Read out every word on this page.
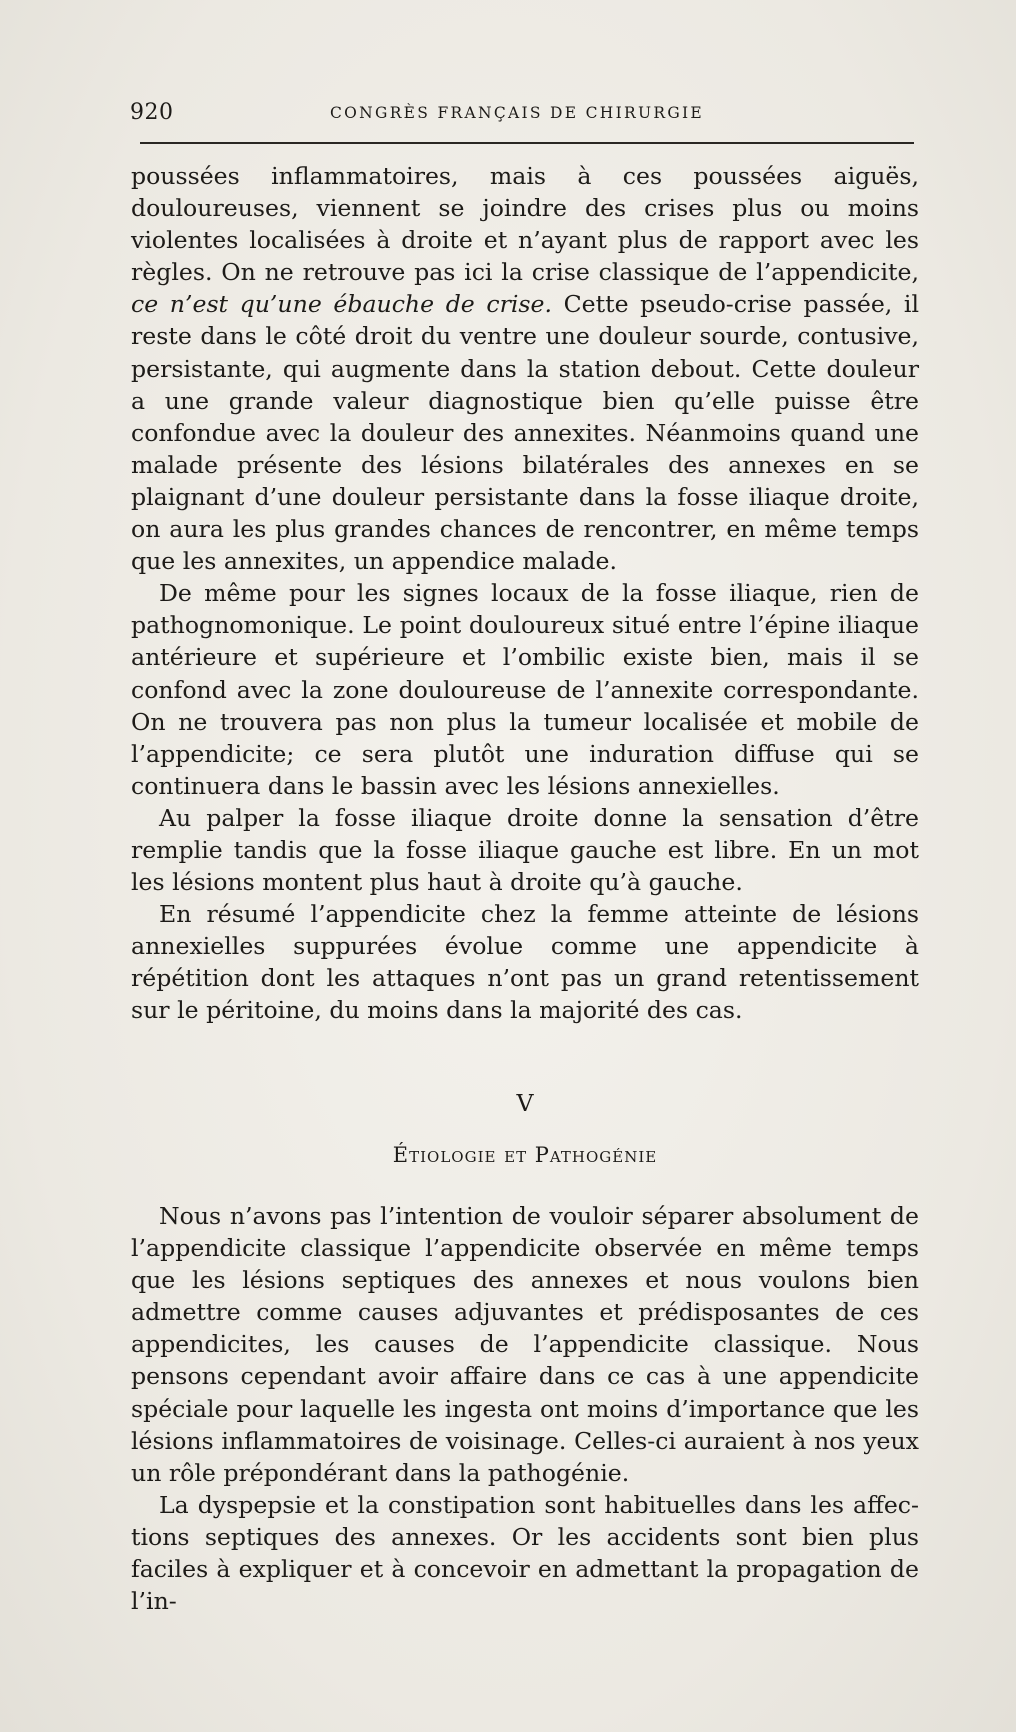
920	CONGRÈS FRANÇAIS DE CHIRURGIE

poussées inflammatoires, mais à ces poussées aiguës, douloureuses, viennent se joindre des crises plus ou moins violentes localisées à droite et n’ayant plus de rapport avec les règles. On ne retrouve pas ici la crise classique de l’appendicite, ce n’est qu’une ébauche de crise. Cette pseudo-crise passée, il reste dans le côté droit du ventre une douleur sourde, contusive, persistante, qui augmente dans la station debout. Cette douleur a une grande valeur diagnostique bien qu’elle puisse être confondue avec la douleur des annexites. Néanmoins quand une malade présente des lésions bilatérales des annexes en se plaignant d’une douleur persistante dans la fosse iliaque droite, on aura les plus grandes chances de rencontrer, en même temps que les annexites, un appendice malade.

De même pour les signes locaux de la fosse iliaque, rien de pathognomonique. Le point douloureux situé entre l’épine iliaque antérieure et supérieure et l’ombilic existe bien, mais il se confond avec la zone douloureuse de l’annexite correspondante. On ne trouvera pas non plus la tumeur localisée et mobile de l’appendicite; ce sera plutôt une induration diffuse qui se continuera dans le bassin avec les lésions annexielles.

Au palper la fosse iliaque droite donne la sensation d’être remplie tandis que la fosse iliaque gauche est libre. En un mot les lésions montent plus haut à droite qu’à gauche.

En résumé l’appendicite chez la femme atteinte de lésions annexielles suppurées évolue comme une appendicite à répétition dont les attaques n’ont pas un grand retentissement sur le péritoine, du moins dans la majorité des cas.

V
Étiologie et Pathogénie

Nous n’avons pas l’intention de vouloir séparer absolument de l’appendicite classique l’appendicite observée en même temps que les lésions septiques des annexes et nous voulons bien admettre comme causes adjuvantes et prédisposantes de ces appendicites, les causes de l’appendicite classique. Nous pensons cependant avoir affaire dans ce cas à une appendicite spéciale pour laquelle les ingesta ont moins d’importance que les lésions inflammatoires de voisinage. Celles-ci auraient à nos yeux un rôle prépondérant dans la pathogénie.

La dyspepsie et la constipation sont habituelles dans les affections septiques des annexes. Or les accidents sont bien plus faciles à expliquer et à concevoir en admettant la propagation de l’in-
